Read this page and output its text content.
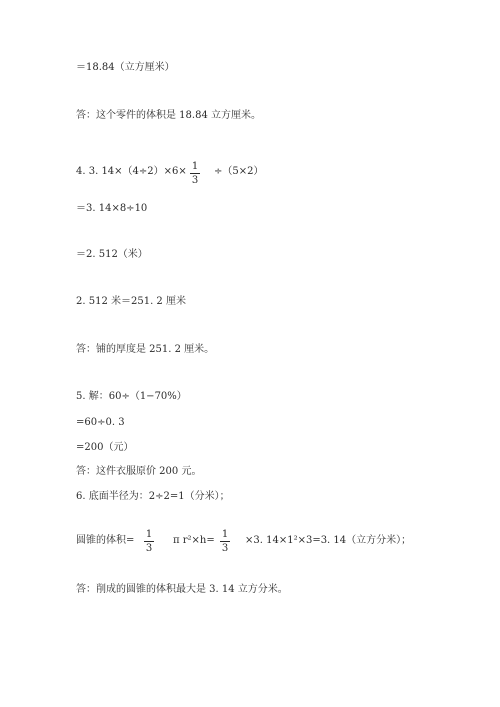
＝18.84（立方厘米）
答：这个零件的体积是 18.84 立方厘米。
4. 3. 14×（4÷2）×6× 1
3
÷（5×2）
＝3. 14×8÷10
＝2. 512（米）
2. 512 米＝251. 2 厘米
答：铺的厚度是 251. 2 厘米。
5. 解：60÷（1−70%）
=60÷0. 3
=200（元）
答：这件衣服原价 200 元。
6. 底面半径为：2÷2=1（分米）；
圆锥的体积=
1
3
π r²×h=
1
3
×3. 14×1²×3=3. 14（立方分米）；
答：削成的圆锥的体积最大是 3. 14 立方分米。
